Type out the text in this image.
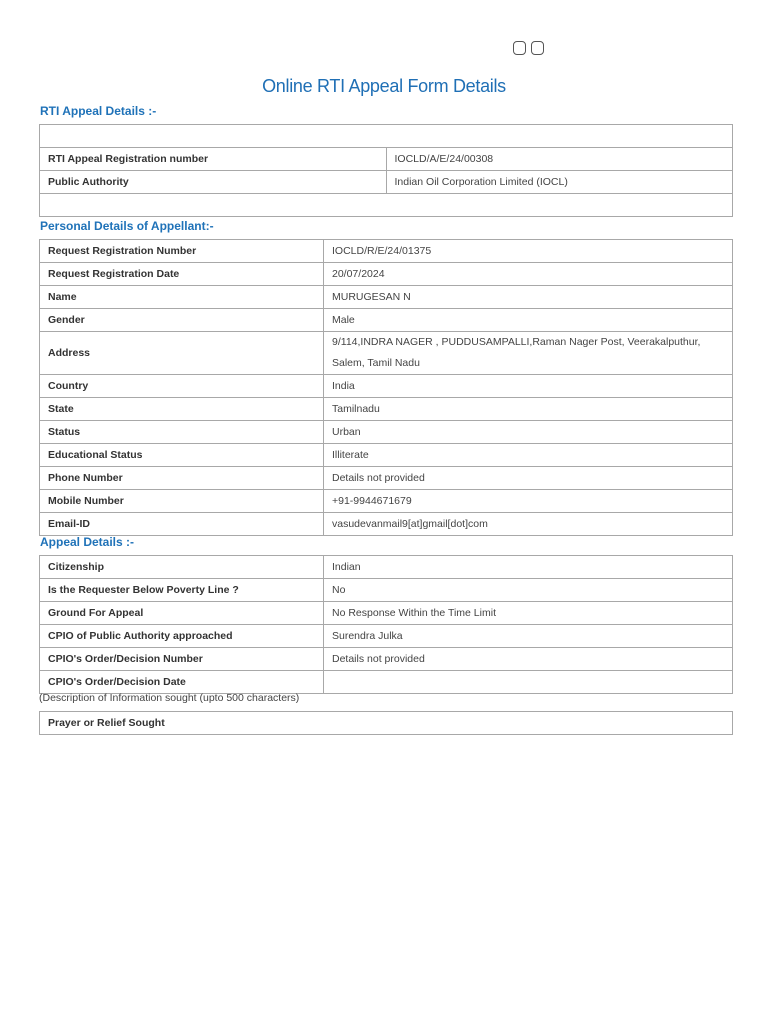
Online RTI Appeal Form Details
RTI Appeal Details :-

RTI Appeal Registration number	IOCLD/A/E/24/00308
Public Authority	Indian Oil Corporation Limited (IOCL)

Personal Details of Appellant:-
Request Registration Number	IOCLD/R/E/24/01375
Request Registration Date	20/07/2024
Name	MURUGESAN N
Gender	Male
Address	9/114,INDRA NAGER , PUDDUSAMPALLI,Raman Nager Post, Veerakalputhur,
Salem, Tamil Nadu

Country	India
State	Tamilnadu
Status	Urban
Educational Status	Illiterate
Phone Number	Details not provided
Mobile Number	+91-9944671679
Email-ID	vasudevanmail9[at]gmail[dot]com
Appeal Details :-
Citizenship	Indian
Is the Requester Below Poverty Line ?	No
Ground For Appeal	No Response Within the Time Limit
CPIO of Public Authority approached	Surendra Julka
CPIO's Order/Decision Number	Details not provided
CPIO's Order/Decision Date	
(Description of Information sought (upto 500 characters)
Prayer or Relief Sought
